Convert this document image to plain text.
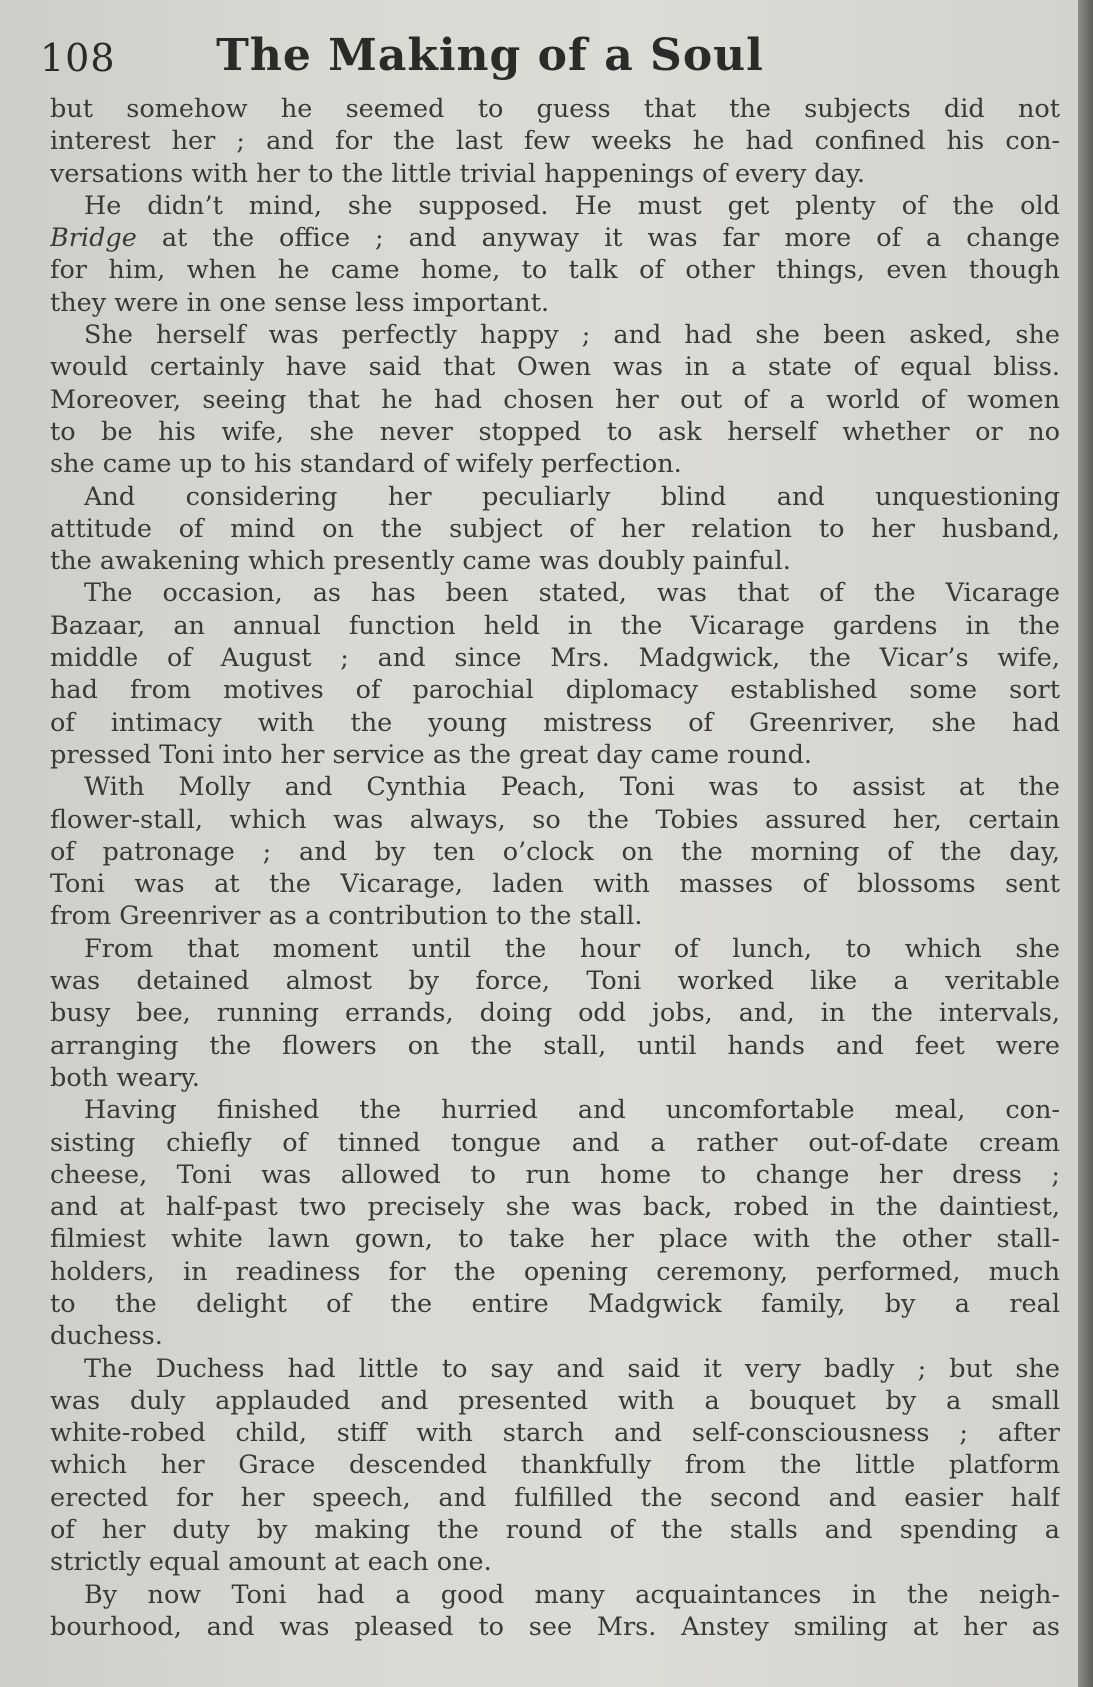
108	The Making of a Soul
but somehow he seemed to guess that the subjects did not
interest her ; and for the last few weeks he had confined his con-
versations with her to the little trivial happenings of every day.
He didn’t mind, she supposed. He must get plenty of the old
Bridge at the office ; and anyway it was far more of a change
for him, when he came home, to talk of other things, even though
they were in one sense less important.
She herself was perfectly happy ; and had she been asked, she
would certainly have said that Owen was in a state of equal bliss.
Moreover, seeing that he had chosen her out of a world of women
to be his wife, she never stopped to ask herself whether or no
she came up to his standard of wifely perfection.
And considering her peculiarly blind and unquestioning
attitude of mind on the subject of her relation to her husband,
the awakening which presently came was doubly painful.
The occasion, as has been stated, was that of the Vicarage
Bazaar, an annual function held in the Vicarage gardens in the
middle of August ; and since Mrs. Madgwick, the Vicar’s wife,
had from motives of parochial diplomacy established some sort
of intimacy with the young mistress of Greenriver, she had
pressed Toni into her service as the great day came round.
With Molly and Cynthia Peach, Toni was to assist at the
flower-stall, which was always, so the Tobies assured her, certain
of patronage ; and by ten o’clock on the morning of the day,
Toni was at the Vicarage, laden with masses of blossoms sent
from Greenriver as a contribution to the stall.
From that moment until the hour of lunch, to which she
was detained almost by force, Toni worked like a veritable
busy bee, running errands, doing odd jobs, and, in the intervals,
arranging the flowers on the stall, until hands and feet were
both weary.
Having finished the hurried and uncomfortable meal, con-
sisting chiefly of tinned tongue and a rather out-of-date cream
cheese, Toni was allowed to run home to change her dress ;
and at half-past two precisely she was back, robed in the daintiest,
filmiest white lawn gown, to take her place with the other stall-
holders, in readiness for the opening ceremony, performed, much
to the delight of the entire Madgwick family, by a real
duchess.
The Duchess had little to say and said it very badly ; but she
was duly applauded and presented with a bouquet by a small
white-robed child, stiff with starch and self-consciousness ; after
which her Grace descended thankfully from the little platform
erected for her speech, and fulfilled the second and easier half
of her duty by making the round of the stalls and spending a
strictly equal amount at each one.
By now Toni had a good many acquaintances in the neigh-
bourhood, and was pleased to see Mrs. Anstey smiling at her as
